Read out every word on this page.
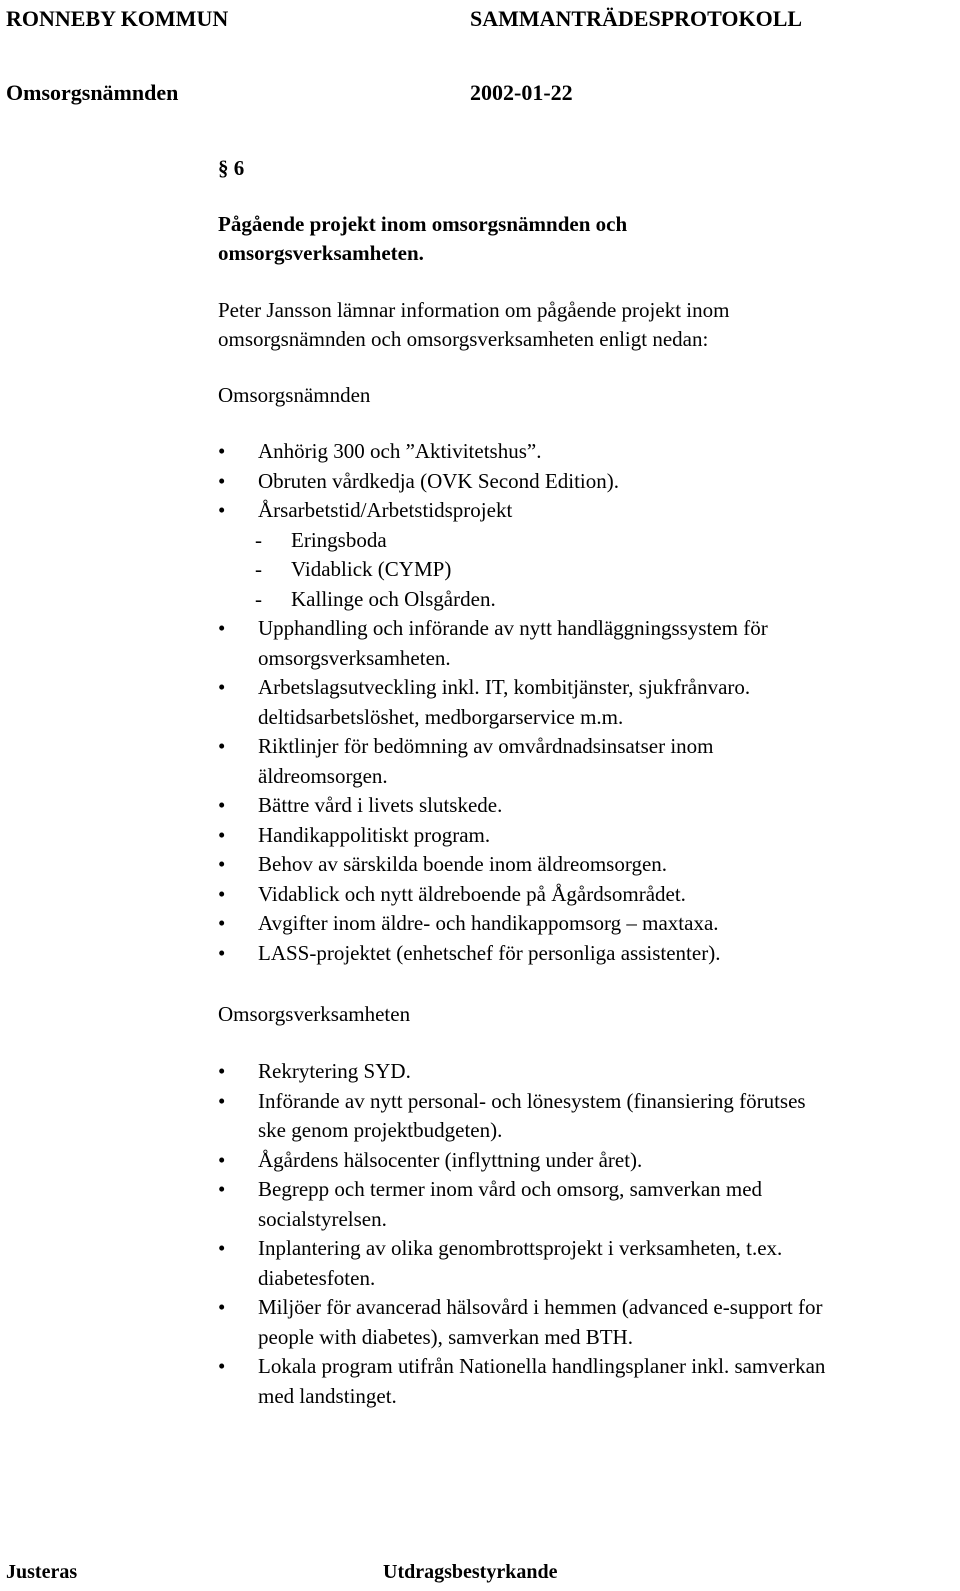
RONNEBY KOMMUN	SAMMANTRÄDESPROTOKOLL
Omsorgsnämnden	2002-01-22
§ 6
Pågående projekt inom omsorgsnämnden och
omsorgsverksamheten.
Peter Jansson lämnar information om pågående projekt inom
omsorgsnämnden och omsorgsverksamheten enligt nedan:
Omsorgsnämnden
•	Anhörig 300 och ”Aktivitetshus”.
•	Obruten vårdkedja (OVK Second Edition).
•	Årsarbetstid/Arbetstidsprojekt
- Eringsboda
- Vidablick (CYMP)
- Kallinge och Olsgården.
•	Upphandling och införande av nytt handläggningssystem för
omsorgsverksamheten.
•	Arbetslagsutveckling inkl. IT, kombitjänster, sjukfrånvaro.
deltidsarbetslöshet, medborgarservice m.m.
•	Riktlinjer för bedömning av omvårdnadsinsatser inom
äldreomsorgen.
•	Bättre vård i livets slutskede.
•	Handikappolitiskt program.
•	Behov av särskilda boende inom äldreomsorgen.
•	Vidablick och nytt äldreboende på Ågårdsområdet.
•	Avgifter inom äldre- och handikappomsorg – maxtaxa.
•	LASS-projektet (enhetschef för personliga assistenter).
Omsorgsverksamheten
•	Rekrytering SYD.
•	Införande av nytt personal- och lönesystem (finansiering förutses
ske genom projektbudgeten).
•	Ågårdens hälsocenter (inflyttning under året).
•	Begrepp och termer inom vård och omsorg, samverkan med
socialstyrelsen.
•	Inplantering av olika genombrottsprojekt i verksamheten, t.ex.
diabetesfoten.
•	Miljöer för avancerad hälsovård i hemmen (advanced e-support for
people with diabetes), samverkan med BTH.
•	Lokala program utifrån Nationella handlingsplaner inkl. samverkan
med landstinget.
Justeras	Utdragsbestyrkande
